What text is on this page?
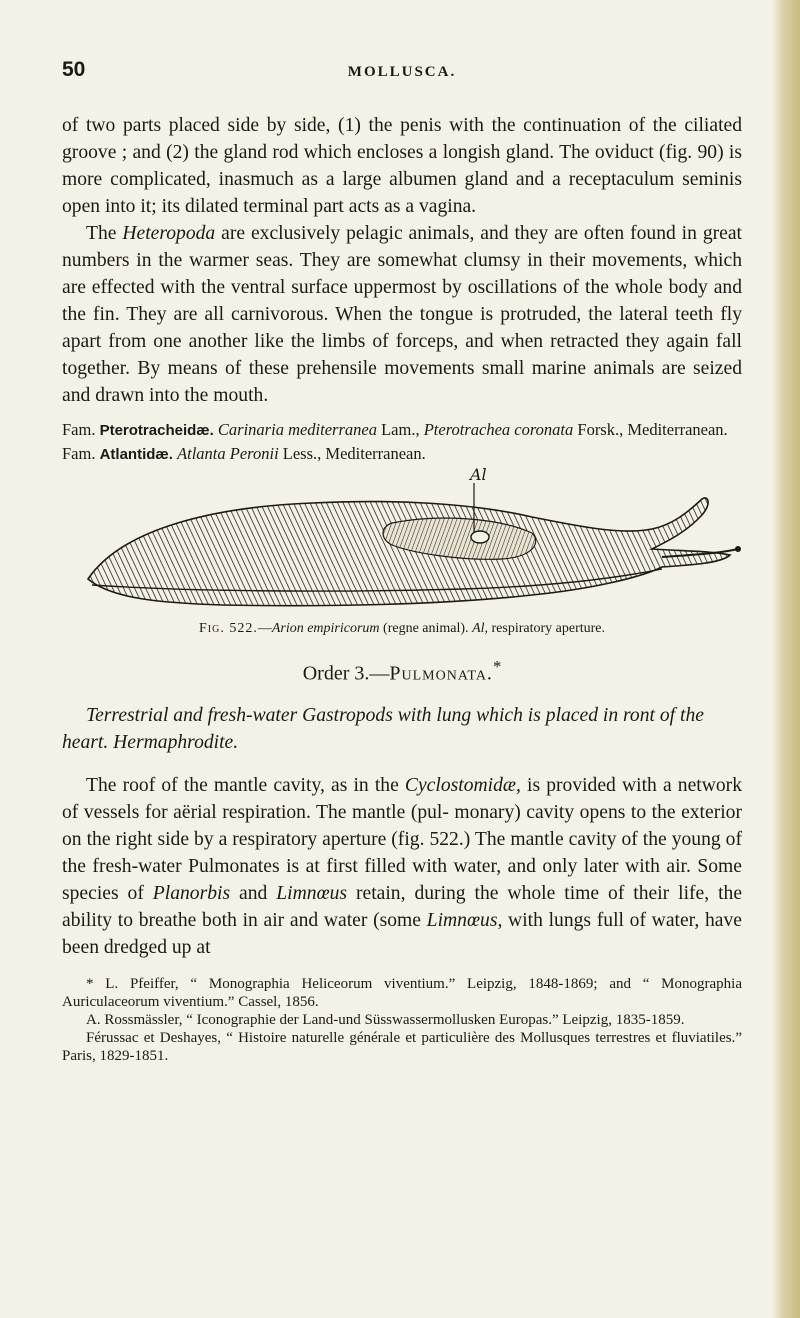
50	MOLLUSCA.

of two parts placed side by side, (1) the penis with the continuation of the ciliated groove ; and (2) the gland rod which encloses a longish gland. The oviduct (fig. 90) is more complicated, inasmuch as a large albumen gland and a receptaculum seminis open into it; its dilated terminal part acts as a vagina.

The Heteropoda are exclusively pelagic animals, and they are often found in great numbers in the warmer seas. They are somewhat clumsy in their movements, which are effected with the ventral surface uppermost by oscillations of the whole body and the fin. They are all carnivorous. When the tongue is protruded, the lateral teeth fly apart from one another like the limbs of forceps, and when retracted they again fall together. By means of these prehensile movements small marine animals are seized and drawn into the mouth.

Fam. Pterotracheidæ. Carinaria mediterranea Lam., Pterotrachea coronata Forsk., Mediterranean.
Fam. Atlantidæ. Atlanta Peronii Less., Mediterranean.
Al
Fig. 522.—Arion empiricorum (regne animal). Al, respiratory aperture.
Order 3.—Pulmonata.*
Terrestrial and fresh-water Gastropods with lung which is placed in ront of the heart. Hermaphrodite.

The roof of the mantle cavity, as in the Cyclostomidæ, is provided with a network of vessels for aërial respiration. The mantle (pul- monary) cavity opens to the exterior on the right side by a respiratory aperture (fig. 522.) The mantle cavity of the young of the fresh-water Pulmonates is at first filled with water, and only later with air. Some species of Planorbis and Limnœus retain, during the whole time of their life, the ability to breathe both in air and water (some Limnœus, with lungs full of water, have been dredged up at

* L. Pfeiffer, “ Monographia Heliceorum viventium.” Leipzig, 1848-1869; and “ Monographia Auriculaceorum viventium.” Cassel, 1856.

A. Rossmässler, “ Iconographie der Land-und Süsswassermollusken Europas.” Leipzig, 1835-1859.

Férussac et Deshayes, “ Histoire naturelle générale et particulière des Mollusques terrestres et fluviatiles.” Paris, 1829-1851.
